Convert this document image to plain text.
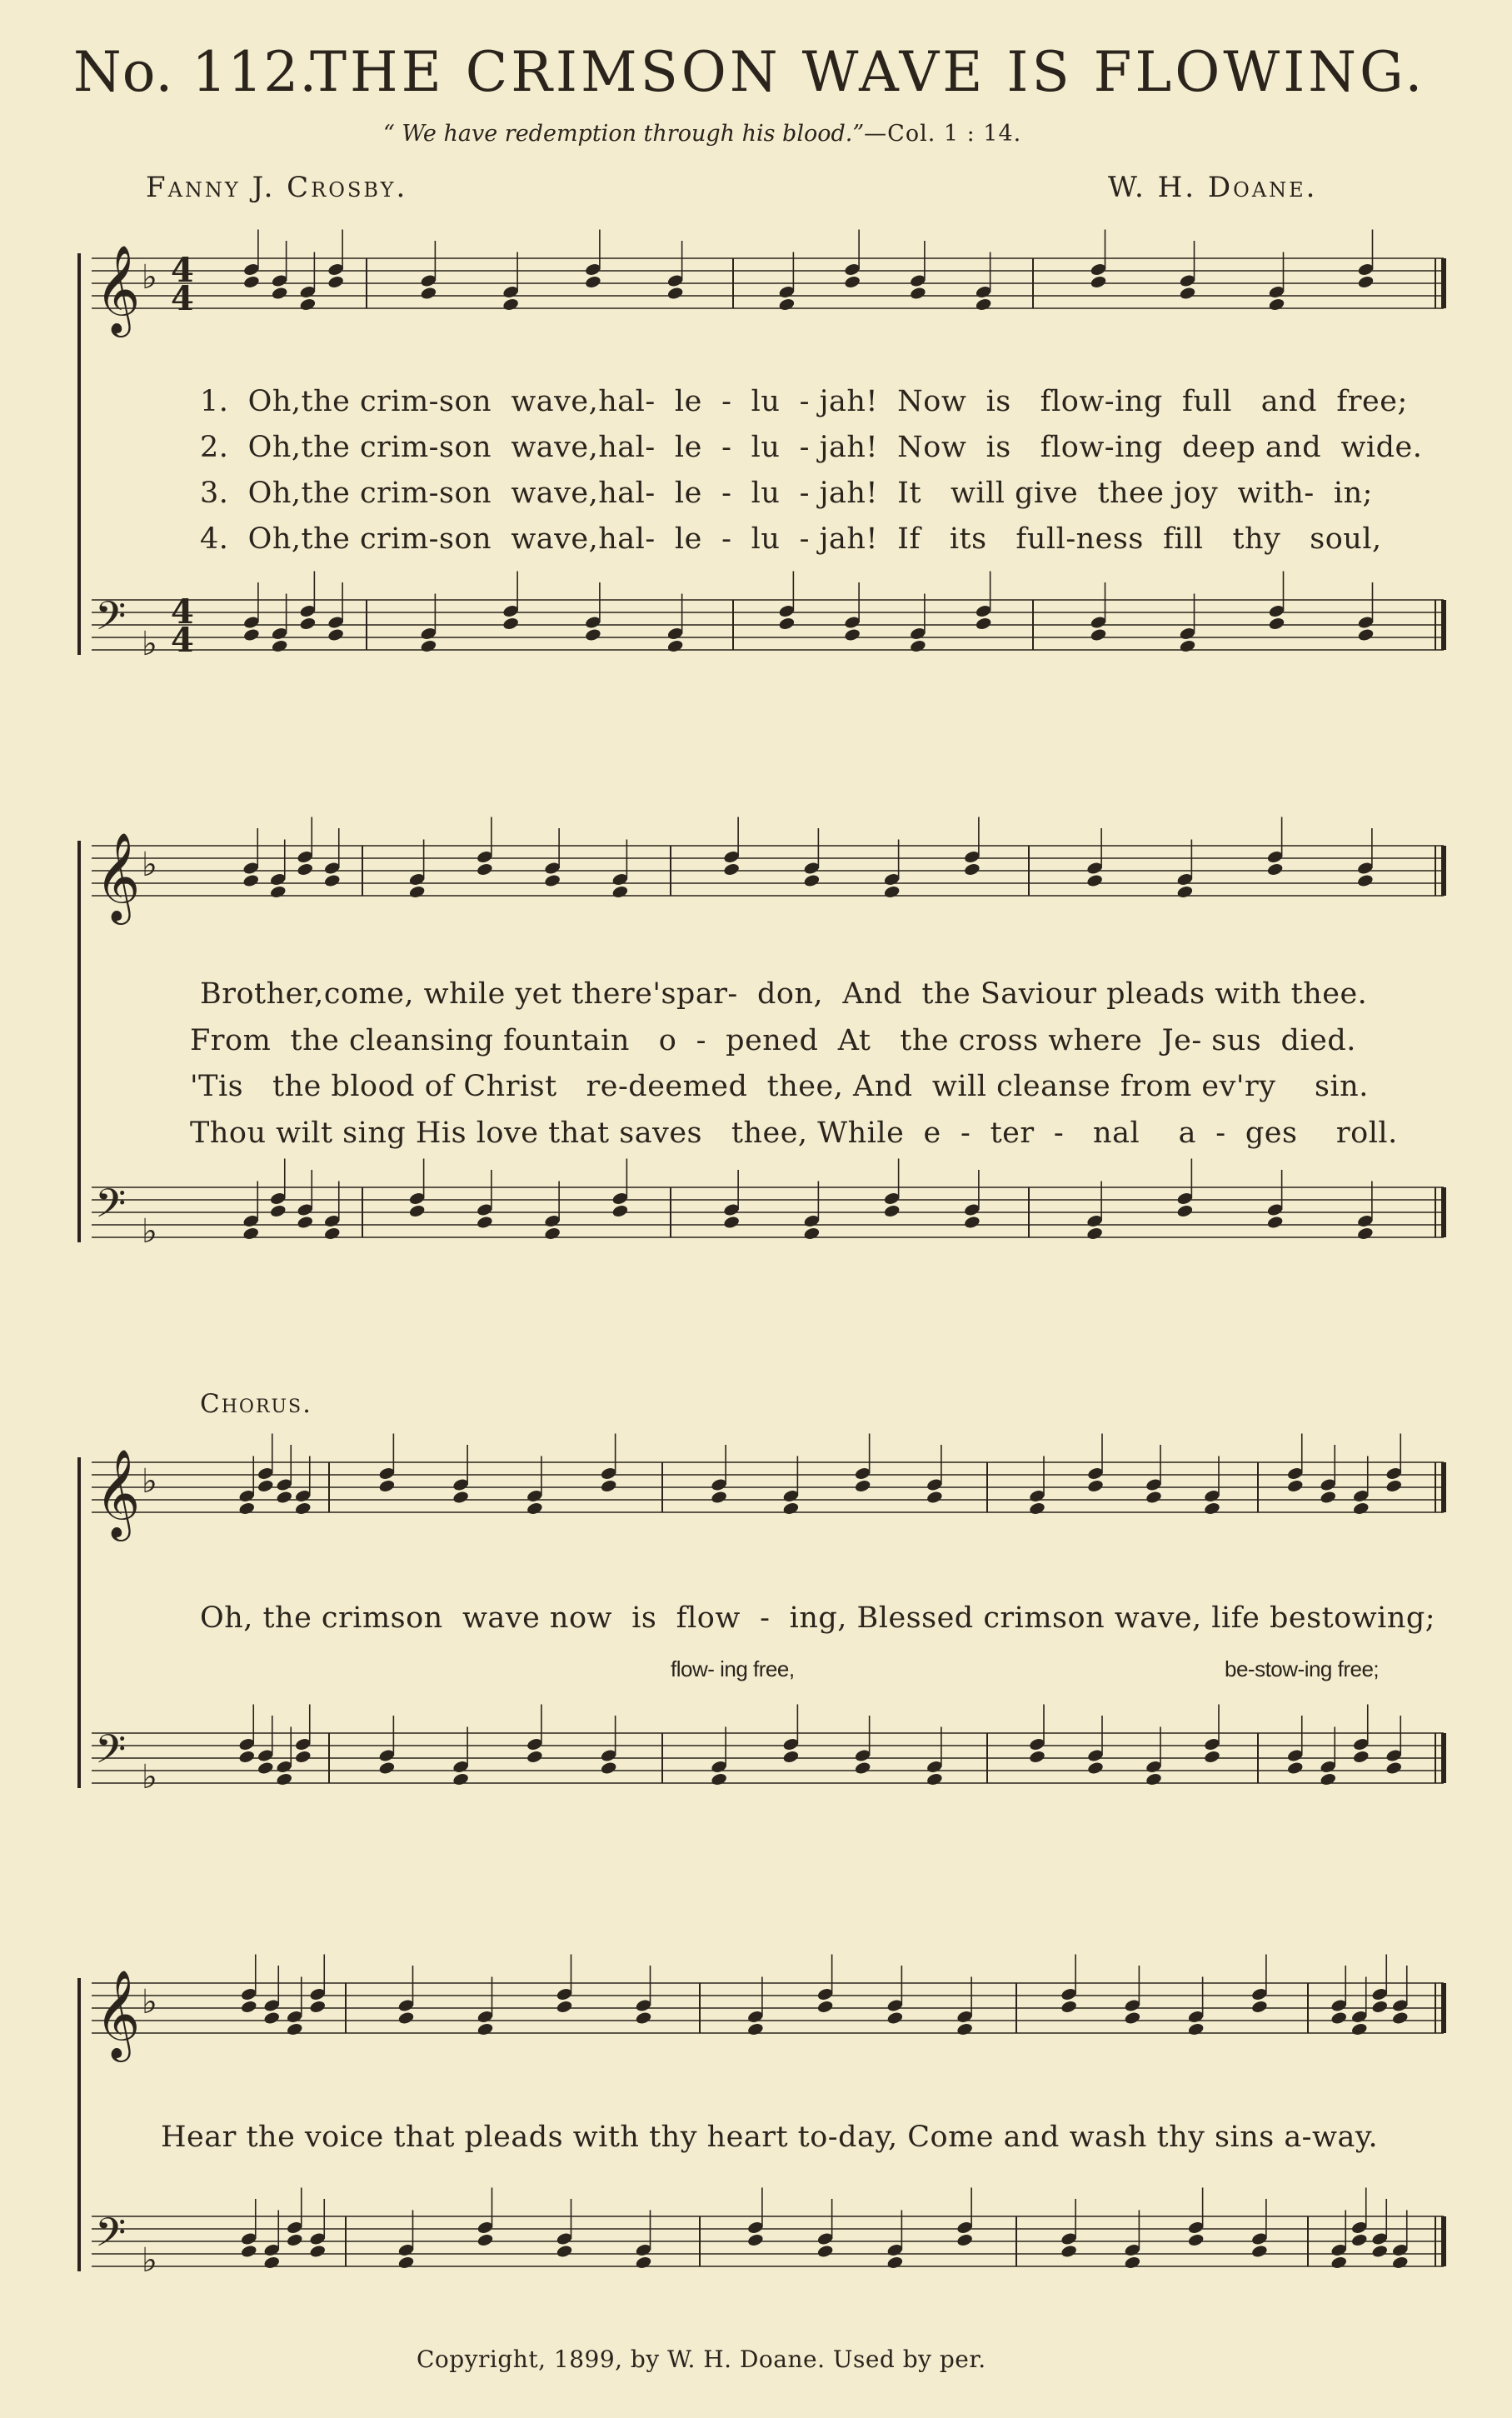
No. 112.
THE CRIMSON WAVE IS FLOWING.
“ We have redemption through his blood.”—Col. 1 : 14.
Fanny J. Crosby.	W. H. Doane.
𝄞 ♭ 4
4
𝄢 ♭
4
4
𝄞 ♭
𝄢 ♭
𝄞 ♭
𝄢 ♭
𝄞 ♭
𝄢 ♭
1.  Oh,the crim-son  wave,hal-  le  -  lu  - jah!  Now  is   flow-ing  full   and  free;
2.  Oh,the crim-son  wave,hal-  le  -  lu  - jah!  Now  is   flow-ing  deep and  wide.
3.  Oh,the crim-son  wave,hal-  le  -  lu  - jah!  It   will give  thee joy  with-  in;
4.  Oh,the crim-son  wave,hal-  le  -  lu  - jah!  If   its   full-ness  fill   thy   soul,
Brother,come, while yet there'spar-  don,  And  the Saviour pleads with thee.
From  the cleansing fountain   o  -  pened  At   the cross where  Je- sus  died.
'Tis   the blood of Christ   re-deemed  thee, And  will cleanse from ev'ry    sin.
Thou wilt sing His love that saves   thee, While  e  -  ter  -   nal    a  -  ges    roll.
Chorus.
Oh, the crimson  wave now  is  flow  -  ing, Blessed crimson wave, life bestowing;
flow- ing free,	be-stow-ing free;
Hear the voice that pleads with thy heart to-day, Come and wash thy sins a-way.
Copyright, 1899, by W. H. Doane. Used by per.
